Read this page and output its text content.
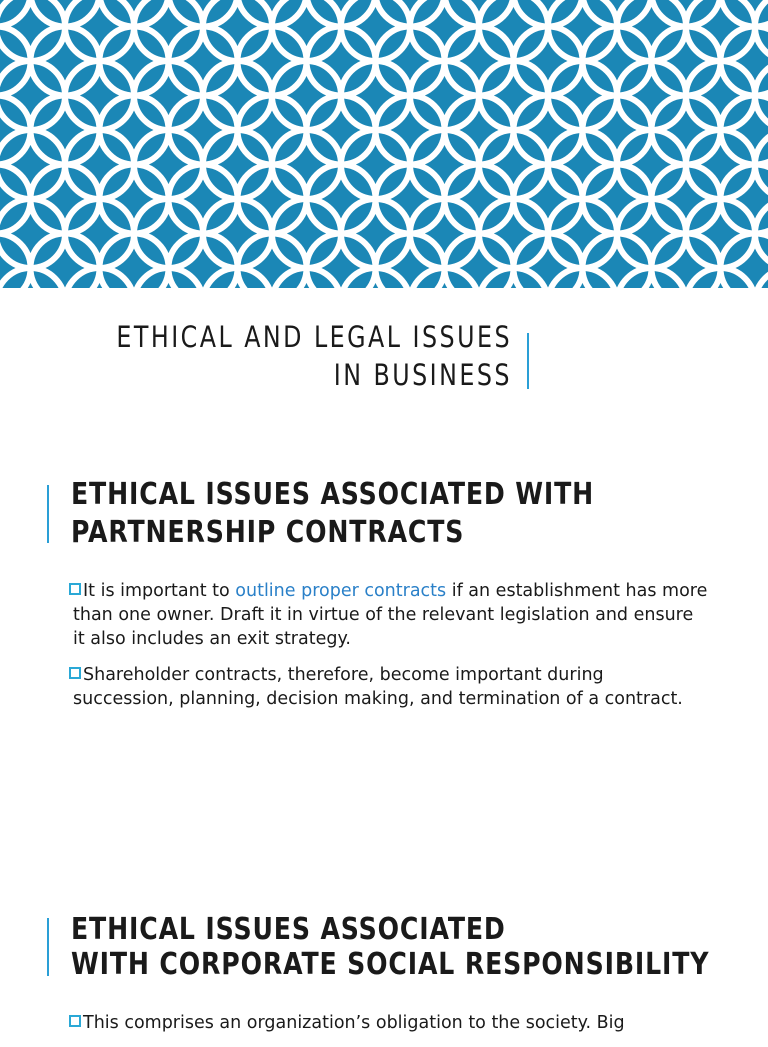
ETHICAL AND LEGAL ISSUES
IN BUSINESS
ETHICAL ISSUES ASSOCIATED WITH
PARTNERSHIP CONTRACTS
It is important to outline proper contracts if an establishment has more than one owner. Draft it in virtue of the relevant legislation and ensure it also includes an exit strategy.
Shareholder contracts, therefore, become important during succession, planning, decision making, and termination of a contract.
ETHICAL ISSUES ASSOCIATED
WITH CORPORATE SOCIAL RESPONSIBILITY
This comprises an organization’s obligation to the society. Big
